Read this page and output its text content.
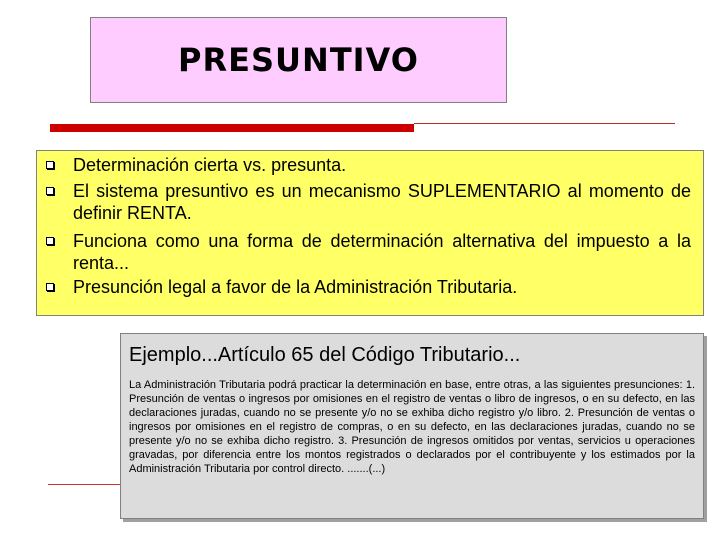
PRESUNTIVO
Determinación cierta vs. presunta.
El sistema presuntivo es un mecanismo SUPLEMENTARIO al momento de definir RENTA.
Funciona como una forma de determinación alternativa del impuesto a la renta...
Presunción legal a favor de la Administración Tributaria.

Ejemplo...Artículo 65 del Código Tributario...

La Administración Tributaria podrá practicar la determinación en base, entre otras, a las siguientes presunciones: 1. Presunción de ventas o ingresos por omisiones en el registro de ventas o libro de ingresos, o en su defecto, en las declaraciones juradas, cuando no se presente y/o no se exhiba dicho registro y/o libro. 2. Presunción de ventas o ingresos por omisiones en el registro de compras, o en su defecto, en las declaraciones juradas, cuando no se presente y/o no se exhiba dicho registro. 3. Presunción de ingresos omitidos por ventas, servicios u operaciones gravadas, por diferencia entre los montos registrados o declarados por el contribuyente y los estimados por la Administración Tributaria por control directo. .......(...)
